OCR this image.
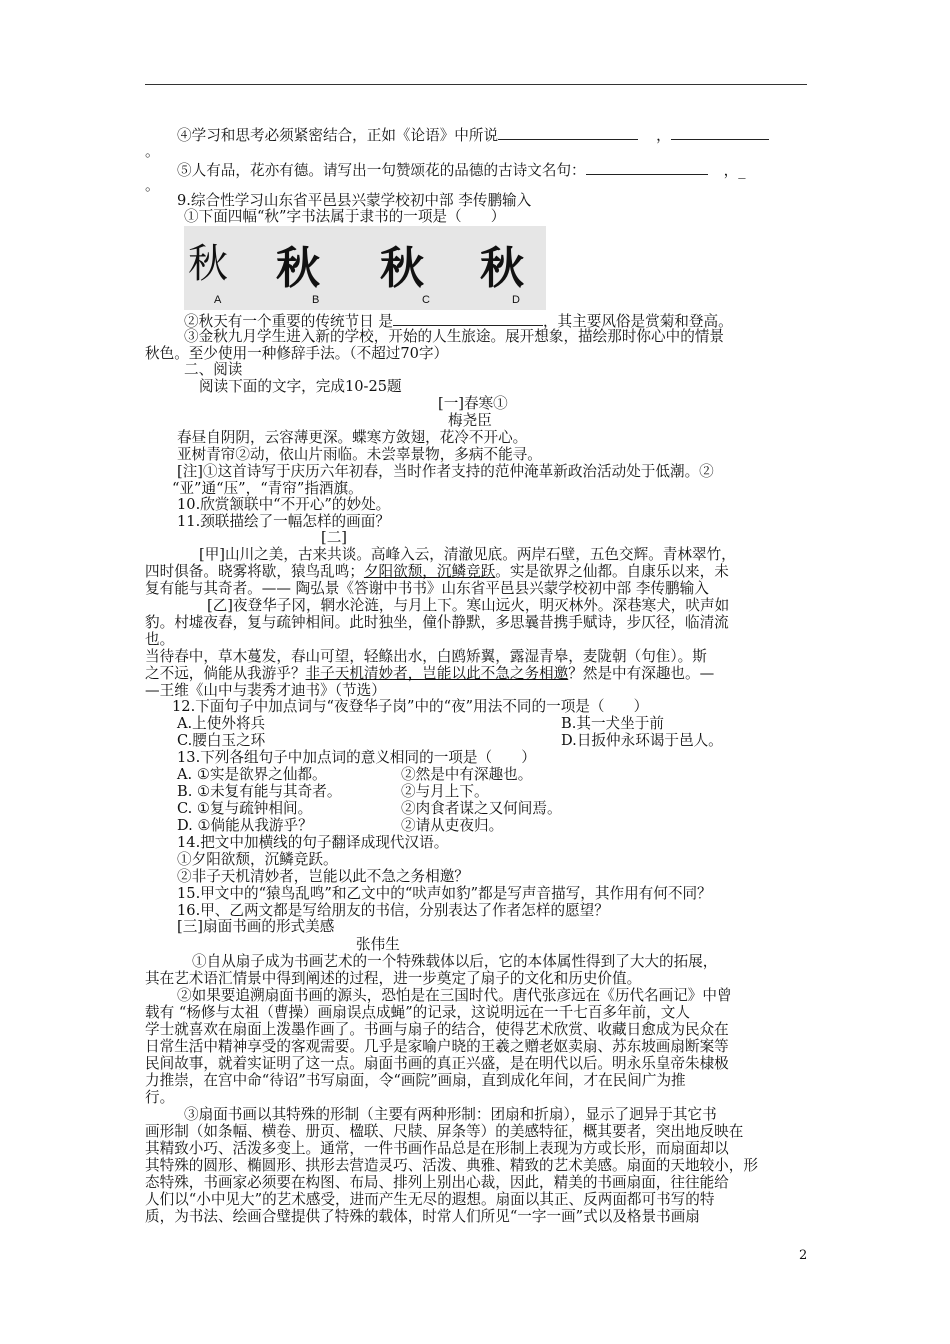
④学习和思考必须紧密结合，正如《论语》中所说	，
。
⑤人有品，花亦有德。请写出一句赞颂花的品德的古诗文名句：	，_
。
9.综合性学习山东省平邑县兴蒙学校初中部 李传鹏输入
①下面四幅“秋”字书法属于隶书的一项是（　　）
秋 秋 秋 秋
A	B	C	D
②秋天有一个重要的传统节日 是	，其主要风俗是赏菊和登高。
③金秋九月学生进入新的学校，开始的人生旅途。展开想象，描绘那时你心中的情景
秋色。至少使用一种修辞手法。（不超过70字）
二、阅读
阅读下面的文字，完成10-25题
[一]春寒①
梅尧臣
春昼自阴阴，云容薄更深。蝶寒方敛翅，花冷不开心。
亚树青帘②动，依山片雨临。未尝辜景物，多病不能寻。
[注]①这首诗写于庆历六年初春，当时作者支持的范仲淹革新政治活动处于低潮。②
“亚”通“压”，“青帘”指酒旗。
10.欣赏颔联中“不开心”的妙处。
11.颈联描绘了一幅怎样的画面？
[二]
[甲]山川之美，古来共谈。高峰入云，清澈见底。两岸石壁，五色交辉。青林翠竹，
四时俱备。晓雾将歇，猿鸟乱鸣；夕阳欲颓，沉鳞竞跃。实是欲界之仙都。自康乐以来，未
复有能与其奇者。—— 陶弘景《答谢中书书》山东省平邑县兴蒙学校初中部 李传鹏输入
[乙]夜登华子冈，辋水沦涟，与月上下。寒山远火，明灭林外。深巷寒犬，吠声如
豹。村墟夜舂，复与疏钟相间。此时独坐，僮仆静默，多思曩昔携手赋诗，步仄径，临清流
也。
当待春中，草木蔓发，春山可望，轻鲦出水，白鸥矫翼，露湿青皋，麦陇朝（句隹）。斯
之不远，倘能从我游乎？非子天机清妙者，岂能以此不急之务相邀？然是中有深趣也。—
—王维《山中与裴秀才迪书》（节选）
12.下面句子中加点词与“夜登华子岗”中的“夜”用法不同的一项是（　　）
A.上使外将兵	B.其一犬坐于前
C.腰白玉之环	D.日扳仲永环谒于邑人。
13.下列各组句子中加点词的意义相同的一项是（　　）
A. ①实是欲界之仙都。	②然是中有深趣也。
B. ①未复有能与其奇者。	②与月上下。
C. ①复与疏钟相间。	②肉食者谋之又何间焉。
D. ①倘能从我游乎？	②请从吏夜归。
14.把文中加横线的句子翻译成现代汉语。
①夕阳欲颓，沉鳞竞跃。
②非子天机清妙者，岂能以此不急之务相邀？
15.甲文中的“猿鸟乱鸣”和乙文中的“吠声如豹”都是写声音描写，其作用有何不同？
16.甲、乙两文都是写给朋友的书信，分别表达了作者怎样的愿望？
[三]扇面书画的形式美感
张伟生
①自从扇子成为书画艺术的一个特殊载体以后，它的本体属性得到了大大的拓展，
其在艺术语汇情景中得到阐述的过程，进一步奠定了扇子的文化和历史价值。
②如果要追溯扇面书画的源头，恐怕是在三国时代。唐代张彦远在《历代名画记》中曾
载有 “杨修与太祖（曹操）画扇误点成蝇”的记录，这说明远在一千七百多年前，文人
学士就喜欢在扇面上泼墨作画了。书画与扇子的结合，使得艺术欣赏、收藏日愈成为民众在
日常生活中精神享受的客观需要。几乎是家喻户晓的王羲之赠老妪卖扇、苏东坡画扇断案等
民间故事，就着实证明了这一点。扇面书画的真正兴盛，是在明代以后。明永乐皇帝朱棣极
力推崇，在宫中命“待诏”书写扇面，令“画院”画扇，直到成化年间，才在民间广为推
行。
③扇面书画以其特殊的形制（主要有两种形制：团扇和折扇），显示了迥异于其它书
画形制（如条幅、横卷、册页、楹联、尺牍、屏条等）的美感特征，概其要者，突出地反映在
其精致小巧、活泼多变上。通常，一件书画作品总是在形制上表现为方或长形，而扇面却以
其特殊的圆形、椭圆形、拱形去营造灵巧、活泼、典雅、精致的艺术美感。扇面的天地较小，形
态特殊，书画家必须要在构图、布局、排列上别出心裁，因此，精美的书画扇面，往往能给
人们以“小中见大”的艺术感受，进而产生无尽的遐想。扇面以其正、反两面都可书写的特
质，为书法、绘画合璧提供了特殊的载体，时常人们所见“一字一画”式以及格景书画扇
2
